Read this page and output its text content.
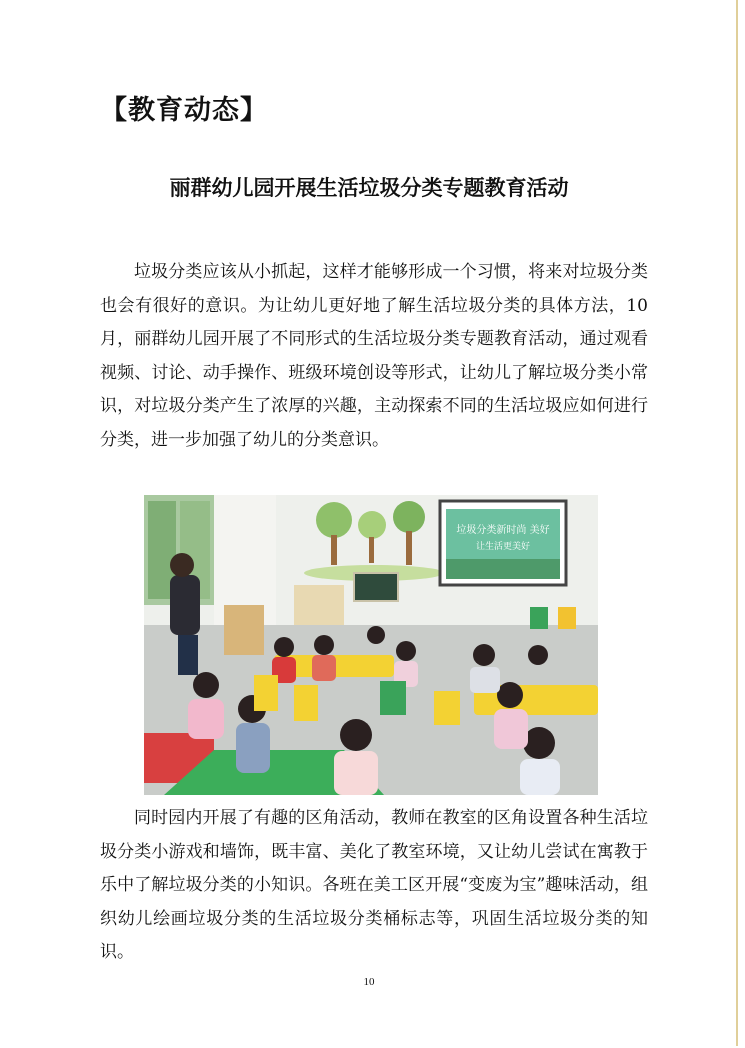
【教育动态】
丽群幼儿园开展生活垃圾分类专题教育活动

垃圾分类应该从小抓起，这样才能够形成一个习惯，将来对垃圾分类也会有很好的意识。为让幼儿更好地了解生活垃圾分类的具体方法，10月，丽群幼儿园开展了不同形式的生活垃圾分类专题教育活动，通过观看视频、讨论、动手操作、班级环境创设等形式，让幼儿了解垃圾分类小常识，对垃圾分类产生了浓厚的兴趣，主动探索不同的生活垃圾应如何进行分类，进一步加强了幼儿的分类意识。

垃圾分类新时尚 美好
让生活更美好

同时园内开展了有趣的区角活动，教师在教室的区角设置各种生活垃圾分类小游戏和墙饰，既丰富、美化了教室环境，又让幼儿尝试在寓教于乐中了解垃圾分类的小知识。各班在美工区开展“变废为宝”趣味活动，组织幼儿绘画垃圾分类的生活垃圾分类桶标志等，巩固生活垃圾分类的知识。

10
